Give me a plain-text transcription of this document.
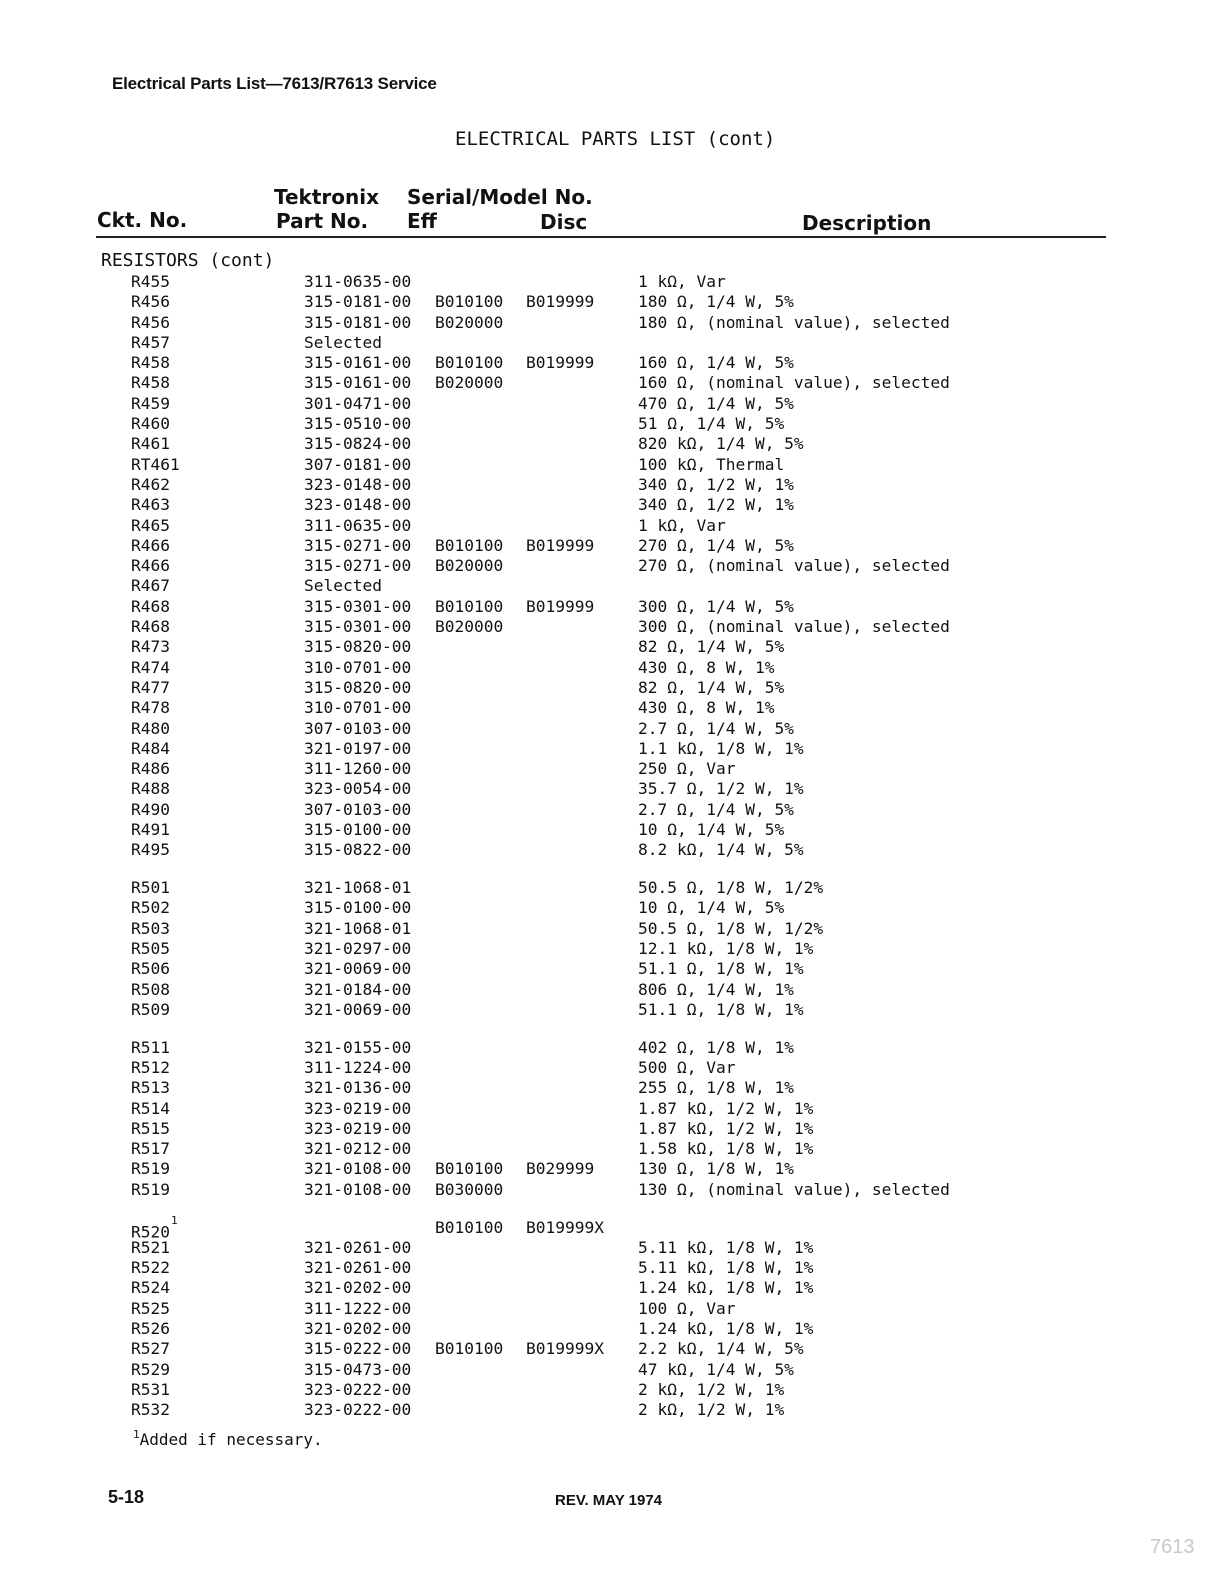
Electrical Parts List—7613/R7613 Service
ELECTRICAL PARTS LIST (cont)
Ckt. No.
Tektronix
Part No.
Serial/Model No.
Eff	Disc	Description
RESISTORS (cont)
R455	311-0635-00	1 kΩ, Var
R456	315-0181-00 B010100 B019999	180 Ω, 1/4 W, 5%
R456	315-0181-00 B020000	180 Ω, (nominal value), selected
R457	Selected
R458	315-0161-00 B010100 B019999	160 Ω, 1/4 W, 5%
R458	315-0161-00 B020000	160 Ω, (nominal value), selected
R459	301-0471-00	470 Ω, 1/4 W, 5%
R460	315-0510-00	51 Ω, 1/4 W, 5%
R461	315-0824-00	820 kΩ, 1/4 W, 5%
RT461	307-0181-00	100 kΩ, Thermal
R462	323-0148-00	340 Ω, 1/2 W, 1%
R463	323-0148-00	340 Ω, 1/2 W, 1%
R465	311-0635-00	1 kΩ, Var
R466	315-0271-00 B010100 B019999	270 Ω, 1/4 W, 5%
R466	315-0271-00 B020000	270 Ω, (nominal value), selected
R467	Selected
R468	315-0301-00 B010100 B019999	300 Ω, 1/4 W, 5%
R468	315-0301-00 B020000	300 Ω, (nominal value), selected
R473	315-0820-00	82 Ω, 1/4 W, 5%
R474	310-0701-00	430 Ω, 8 W, 1%
R477	315-0820-00	82 Ω, 1/4 W, 5%
R478	310-0701-00	430 Ω, 8 W, 1%
R480	307-0103-00	2.7 Ω, 1/4 W, 5%
R484	321-0197-00	1.1 kΩ, 1/8 W, 1%
R486	311-1260-00	250 Ω, Var
R488	323-0054-00	35.7 Ω, 1/2 W, 1%
R490	307-0103-00	2.7 Ω, 1/4 W, 5%
R491	315-0100-00	10 Ω, 1/4 W, 5%
R495	315-0822-00	8.2 kΩ, 1/4 W, 5%
R501	321-1068-01	50.5 Ω, 1/8 W, 1/2%
R502	315-0100-00	10 Ω, 1/4 W, 5%
R503	321-1068-01	50.5 Ω, 1/8 W, 1/2%
R505	321-0297-00	12.1 kΩ, 1/8 W, 1%
R506	321-0069-00	51.1 Ω, 1/8 W, 1%
R508	321-0184-00	806 Ω, 1/4 W, 1%
R509	321-0069-00	51.1 Ω, 1/8 W, 1%
R511	321-0155-00	402 Ω, 1/8 W, 1%
R512	311-1224-00	500 Ω, Var
R513	321-0136-00	255 Ω, 1/8 W, 1%
R514	323-0219-00	1.87 kΩ, 1/2 W, 1%
R515	323-0219-00	1.87 kΩ, 1/2 W, 1%
R517	321-0212-00	1.58 kΩ, 1/8 W, 1%
R519	321-0108-00 B010100 B029999	130 Ω, 1/8 W, 1%
R519	321-0108-00 B030000	130 Ω, (nominal value), selected
R520$^1$	B010100 B019999X
R521	321-0261-00	5.11 kΩ, 1/8 W, 1%
R522	321-0261-00	5.11 kΩ, 1/8 W, 1%
R524	321-0202-00	1.24 kΩ, 1/8 W, 1%
R525	311-1222-00	100 Ω, Var
R526	321-0202-00	1.24 kΩ, 1/8 W, 1%
R527	315-0222-00 B010100 B019999X 2.2 kΩ, 1/4 W, 5%
R529	315-0473-00	47 kΩ, 1/4 W, 5%
R531	323-0222-00	2 kΩ, 1/2 W, 1%
R532	323-0222-00	2 kΩ, 1/2 W, 1%
$^1$Added if necessary.
5-18	REV. MAY 1974
7613
